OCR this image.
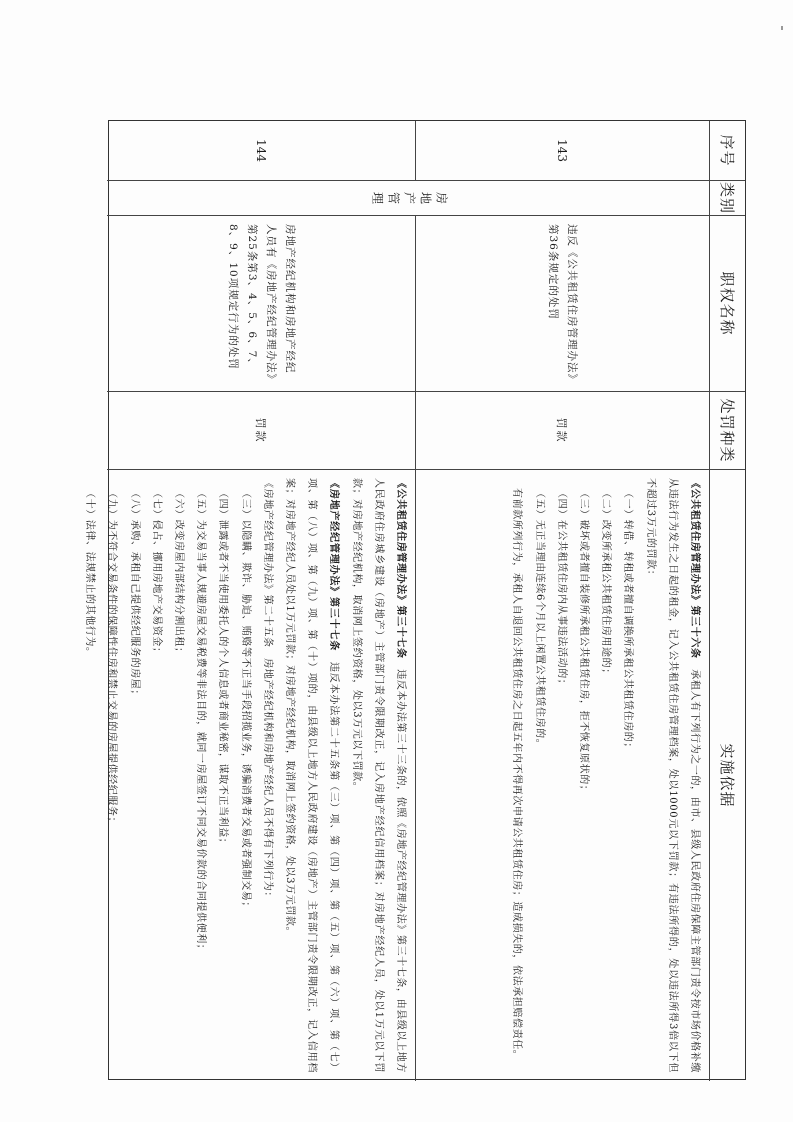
序号
类别
职权名称
处罚种类
实施依据
143
房地产管理
违反《公共租赁住房管理办法》第36条规定的处罚
罚款

《公共租赁住房管理办法》第三十六条　承租人有下列行为之一的，由市、县级人民政府住房保障主管部门责令按市场价格补缴从违法行为发生之日起的租金，记入公共租赁住房管理档案，处以1000元以下罚款；有违法所得的，处以违法所得3倍以下但不超过3万元的罚款：

（一）转借、转租或者擅自调换所承租公共租赁住房的；

（二）改变所承租公共租赁住房用途的；

（三）破坏或者擅自装修所承租公共租赁住房，拒不恢复原状的；

（四）在公共租赁住房内从事违法活动的；

（五）无正当理由连续6个月以上闲置公共租赁住房的。

有前款所列行为，承租人自退回公共租赁住房之日起五年内不得再次申请公共租赁住房；造成损失的，依法承担赔偿责任。

144
房地产经纪机构和房地产经纪人员有《房地产经纪管理办法》第25条第3、4、5、6、7、8、9、10项规定行为的处罚
罚款

《公共租赁住房管理办法》第三十七条　违反本办法第三十三条的，依照《房地产经纪管理办法》第三十七条，由县级以上地方人民政府住房城乡建设（房地产）主管部门责令限期改正，记入房地产经纪信用档案；对房地产经纪人员，处以1万元以下罚款；对房地产经纪机构，取消网上签约资格，处以3万元以下罚款。

《房地产经纪管理办法》第三十七条　违反本办法第二十五条第（三）项、第（四）项、第（五）项、第（六）项、第（七）项、第（八）项、第（九）项、第（十）项的，由县级以上地方人民政府建设（房地产）主管部门责令限期改正，记入信用档案；对房地产经纪人员处以1万元罚款；对房地产经纪机构，取消网上签约资格，处以3万元罚款。

《房地产经纪管理办法》第二十五条　房地产经纪机构和房地产经纪人员不得有下列行为：

（三）以隐瞒、欺诈、胁迫、贿赂等不正当手段招揽业务，诱骗消费者交易或者强制交易；

（四）泄露或者不当使用委托人的个人信息或者商业秘密，谋取不正当利益；

（五）为交易当事人规避房屋交易税费等非法目的，就同一房屋签订不同交易价款的合同提供便利；

（六）改变房屋内部结构分割出租；

（七）侵占、挪用房地产交易资金；

（八）承购、承租自己提供经纪服务的房屋；

（九）为不符合交易条件的保障性住房和禁止交易的房屋提供经纪服务；

（十）法律、法规禁止的其他行为。
